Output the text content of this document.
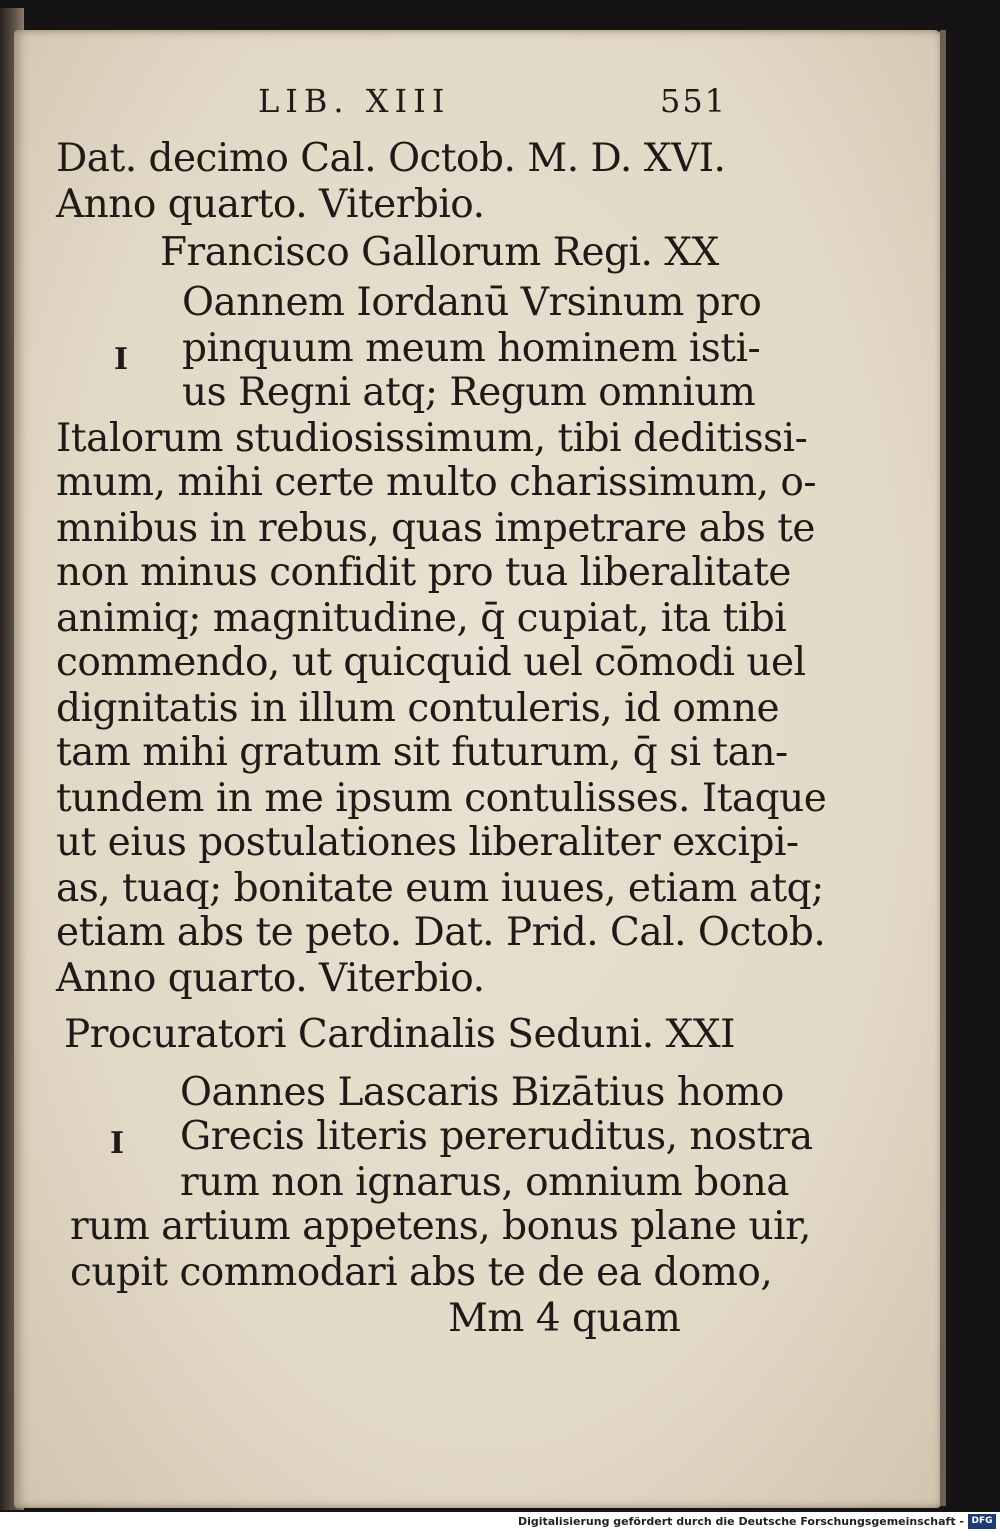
LIB. XIII	551
Dat. decimo Cal. Octob. M. D. XVI.
Anno quarto. Viterbio.
Francisco Gallorum Regi. XX
Oannem Iordanū Vrsinum pro
I pinquum meum hominem isti-
us Regni atq; Regum omnium
Italorum studiosissimum, tibi deditissi-
mum, mihi certe multo charissimum, o-
mnibus in rebus, quas impetrare abs te
non minus confidit pro tua liberalitate
animiq; magnitudine, q̄ cupiat, ita tibi
commendo, ut quicquid uel cōmodi uel
dignitatis in illum contuleris, id omne
tam mihi gratum sit futurum, q̄ si tan-
tundem in me ipsum contulisses. Itaque
ut eius postulationes liberaliter excipi-
as, tuaq; bonitate eum iuues, etiam atq;
etiam abs te peto. Dat. Prid. Cal. Octob.
Anno quarto. Viterbio.
Procuratori Cardinalis Seduni. XXI
Oannes Lascaris Bizātius homo
I Grecis literis pereruditus, nostra
rum non ignarus, omnium bona
rum artium appetens, bonus plane uir,
cupit commodari abs te de ea domo,
Mm 4 quam
Digitalisierung gefördert durch die Deutsche Forschungsgemeinschaft - DFG
